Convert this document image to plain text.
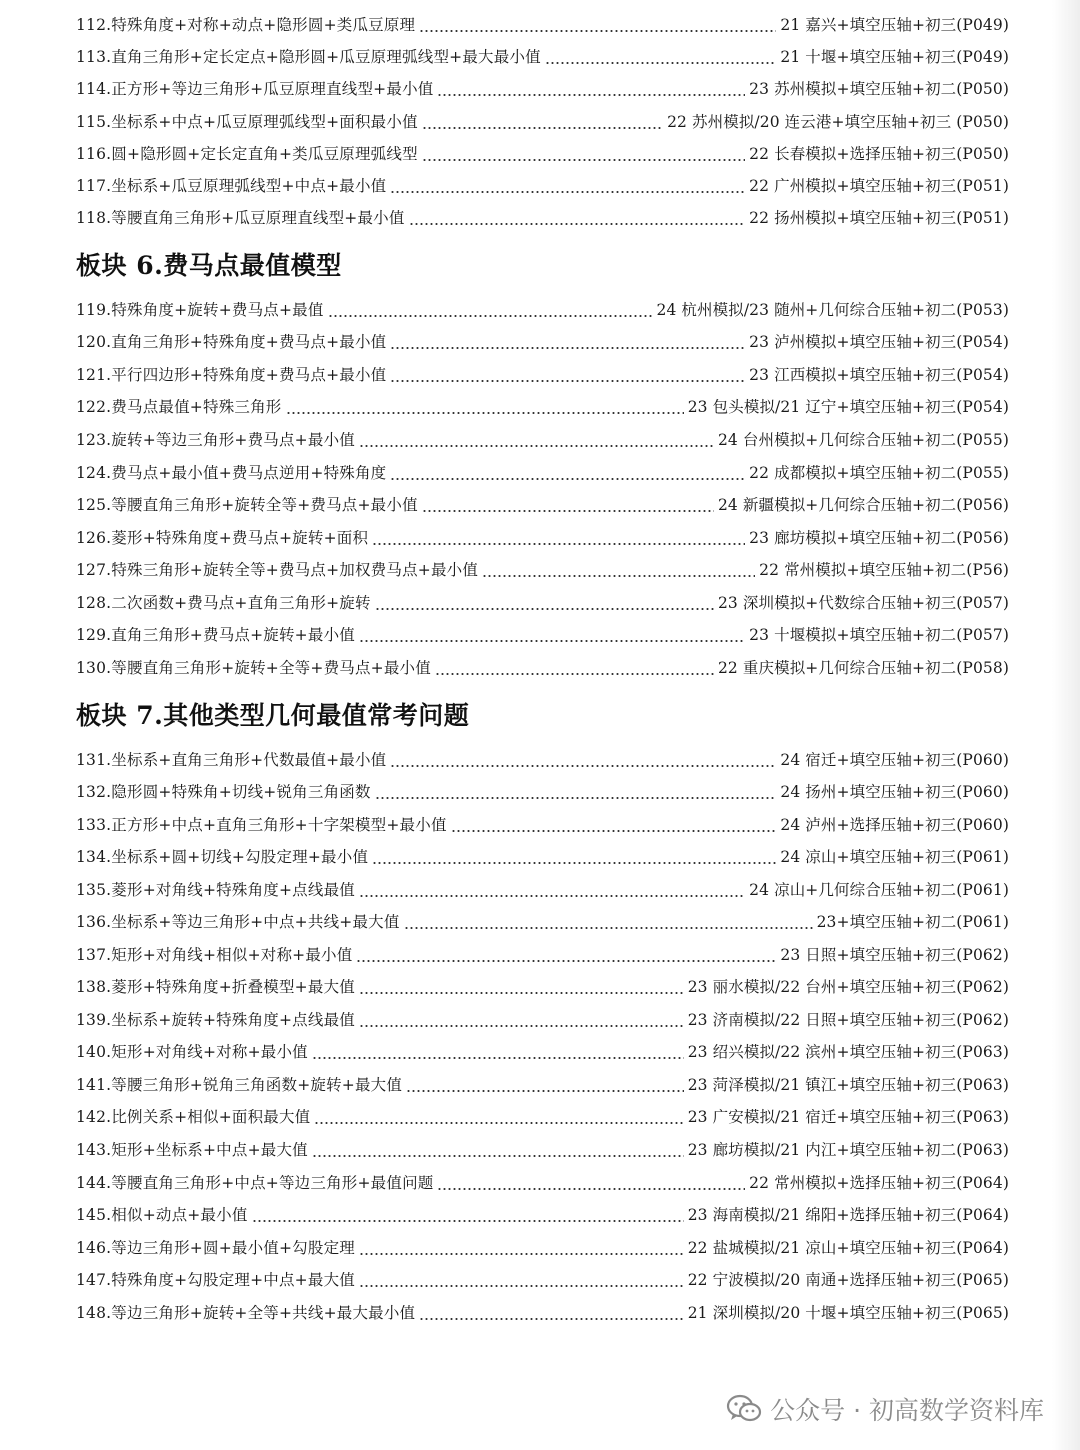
112.特殊角度+对称+动点+隐形圆+类瓜豆原理	21 嘉兴+填空压轴+初三(P049)
113.直角三角形+定长定点+隐形圆+瓜豆原理弧线型+最大最小值	21 十堰+填空压轴+初三(P049)
114.正方形+等边三角形+瓜豆原理直线型+最小值	23 苏州模拟+填空压轴+初二(P050)
115.坐标系+中点+瓜豆原理弧线型+面积最小值	22 苏州模拟/20 连云港+填空压轴+初三 (P050)
116.圆+隐形圆+定长定直角+类瓜豆原理弧线型	22 长春模拟+选择压轴+初三(P050)
117.坐标系+瓜豆原理弧线型+中点+最小值	22 广州模拟+填空压轴+初三(P051)
118.等腰直角三角形+瓜豆原理直线型+最小值	22 扬州模拟+填空压轴+初三(P051)
板块 6.费马点最值模型
119.特殊角度+旋转+费马点+最值	24 杭州模拟/23 随州+几何综合压轴+初二(P053)
120.直角三角形+特殊角度+费马点+最小值	23 泸州模拟+填空压轴+初三(P054)
121.平行四边形+特殊角度+费马点+最小值	23 江西模拟+填空压轴+初三(P054)
122.费马点最值+特殊三角形	23 包头模拟/21 辽宁+填空压轴+初三(P054)
123.旋转+等边三角形+费马点+最小值	24 台州模拟+几何综合压轴+初二(P055)
124.费马点+最小值+费马点逆用+特殊角度	22 成都模拟+填空压轴+初二(P055)
125.等腰直角三角形+旋转全等+费马点+最小值	24 新疆模拟+几何综合压轴+初二(P056)
126.菱形+特殊角度+费马点+旋转+面积	23 廊坊模拟+填空压轴+初二(P056)
127.特殊三角形+旋转全等+费马点+加权费马点+最小值	22 常州模拟+填空压轴+初二(P56)
128.二次函数+费马点+直角三角形+旋转	23 深圳模拟+代数综合压轴+初三(P057)
129.直角三角形+费马点+旋转+最小值	23 十堰模拟+填空压轴+初二(P057)
130.等腰直角三角形+旋转+全等+费马点+最小值	22 重庆模拟+几何综合压轴+初二(P058)
板块 7.其他类型几何最值常考问题
131.坐标系+直角三角形+代数最值+最小值	24 宿迁+填空压轴+初三(P060)
132.隐形圆+特殊角+切线+锐角三角函数	24 扬州+填空压轴+初三(P060)
133.正方形+中点+直角三角形+十字架模型+最小值	24 泸州+选择压轴+初三(P060)
134.坐标系+圆+切线+勾股定理+最小值	24 凉山+填空压轴+初三(P061)
135.菱形+对角线+特殊角度+点线最值	24 凉山+几何综合压轴+初二(P061)
136.坐标系+等边三角形+中点+共线+最大值	23+填空压轴+初二(P061)
137.矩形+对角线+相似+对称+最小值	23 日照+填空压轴+初三(P062)
138.菱形+特殊角度+折叠模型+最大值	23 丽水模拟/22 台州+填空压轴+初三(P062)
139.坐标系+旋转+特殊角度+点线最值	23 济南模拟/22 日照+填空压轴+初三(P062)
140.矩形+对角线+对称+最小值	23 绍兴模拟/22 滨州+填空压轴+初三(P063)
141.等腰三角形+锐角三角函数+旋转+最大值	23 菏泽模拟/21 镇江+填空压轴+初三(P063)
142.比例关系+相似+面积最大值	23 广安模拟/21 宿迁+填空压轴+初三(P063)
143.矩形+坐标系+中点+最大值	23 廊坊模拟/21 内江+填空压轴+初二(P063)
144.等腰直角三角形+中点+等边三角形+最值问题	22 常州模拟+选择压轴+初三(P064)
145.相似+动点+最小值	23 海南模拟/21 绵阳+选择压轴+初三(P064)
146.等边三角形+圆+最小值+勾股定理	22 盐城模拟/21 凉山+填空压轴+初三(P064)
147.特殊角度+勾股定理+中点+最大值	22 宁波模拟/20 南通+选择压轴+初三(P065)
148.等边三角形+旋转+全等+共线+最大最小值	21 深圳模拟/20 十堰+填空压轴+初三(P065)
公众号 · 初高数学资料库
